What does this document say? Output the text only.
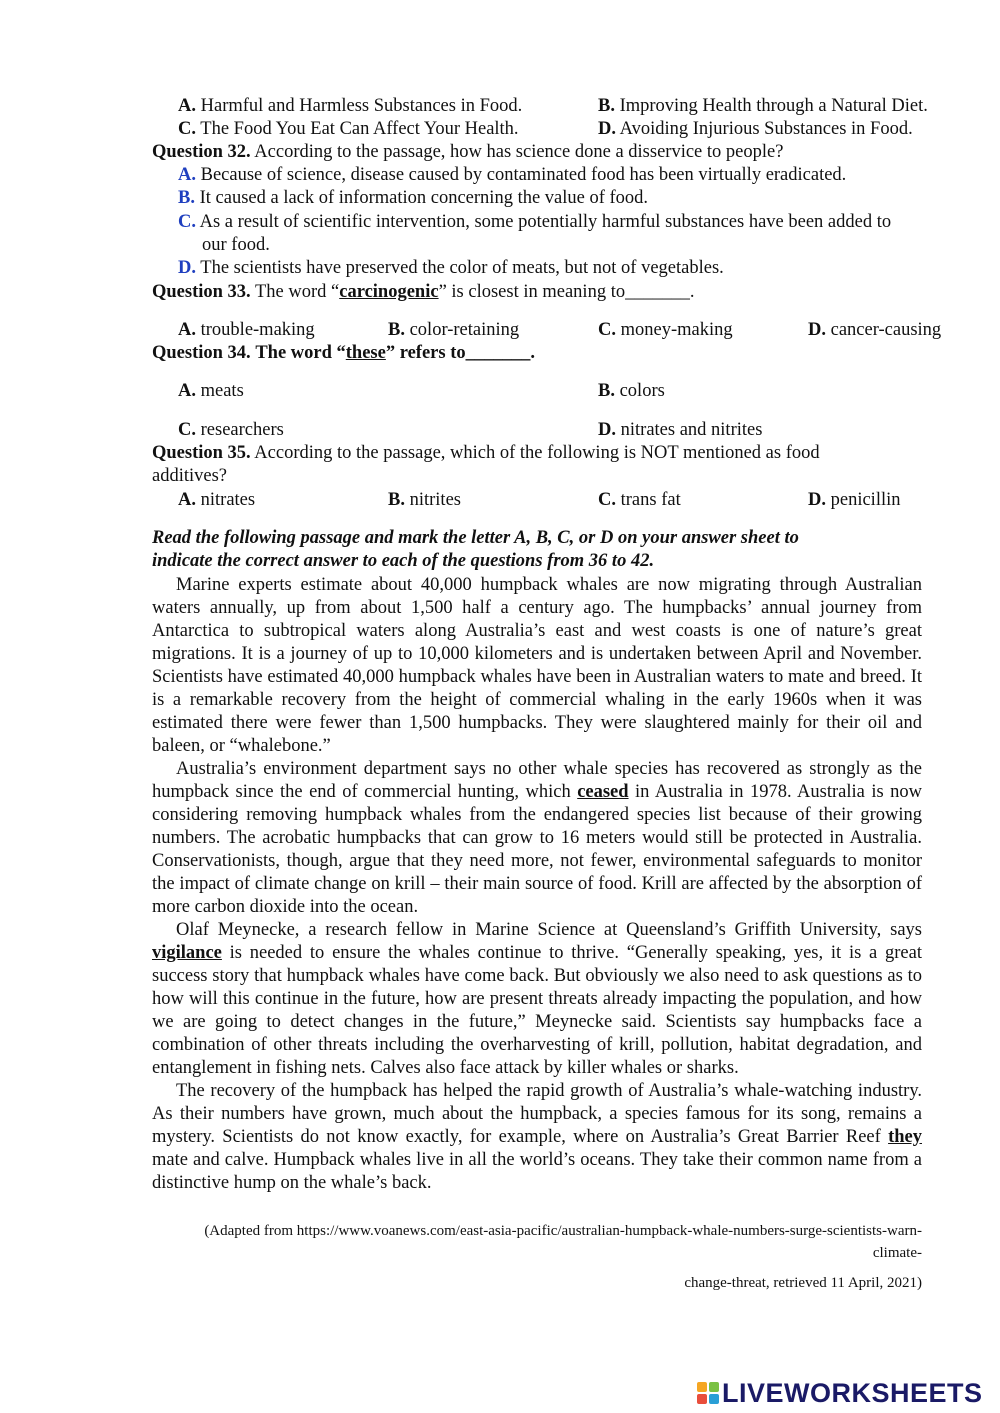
A. Harmful and Harmless Substances in Food.	B. Improving Health through a Natural Diet.
C. The Food You Eat Can Affect Your Health.	D. Avoiding Injurious Substances in Food.
Question 32. According to the passage, how has science done a disservice to people?
A. Because of science, disease caused by contaminated food has been virtually eradicated.
B. It caused a lack of information concerning the value of food.
C. As a result of scientific intervention, some potentially harmful substances have been added to
our food.
D. The scientists have preserved the color of meats, but not of vegetables.
Question 33. The word “carcinogenic” is closest in meaning to_______.
A. trouble-making	B. color-retaining	C. money-making	D. cancer-causing
Question 34. The word “these” refers to_______.
A. meats	B. colors
C. researchers	D. nitrates and nitrites
Question 35. According to the passage, which of the following is NOT mentioned as food
additives?
A. nitrates	B. nitrites	C. trans fat	D. penicillin
Read the following passage and mark the letter A, B, C, or D on your answer sheet to
indicate the correct answer to each of the questions from 36 to 42.

Marine experts estimate about 40,000 humpback whales are now migrating through Australian waters annually, up from about 1,500 half a century ago. The humpbacks’ annual journey from Antarctica to subtropical waters along Australia’s east and west coasts is one of nature’s great migrations. It is a journey of up to 10,000 kilometers and is undertaken between April and November. Scientists have estimated 40,000 humpback whales have been in Australian waters to mate and breed. It is a remarkable recovery from the height of commercial whaling in the early 1960s when it was estimated there were fewer than 1,500 humpbacks. They were slaughtered mainly for their oil and baleen, or “whalebone.”

Australia’s environment department says no other whale species has recovered as strongly as the humpback since the end of commercial hunting, which ceased in Australia in 1978. Australia is now considering removing humpback whales from the endangered species list because of their growing numbers. The acrobatic humpbacks that can grow to 16 meters would still be protected in Australia. Conservationists, though, argue that they need more, not fewer, environmental safeguards to monitor the impact of climate change on krill – their main source of food. Krill are affected by the absorption of more carbon dioxide into the ocean.

Olaf Meynecke, a research fellow in Marine Science at Queensland’s Griffith University, says vigilance is needed to ensure the whales continue to thrive. “Generally speaking, yes, it is a great success story that humpback whales have come back. But obviously we also need to ask questions as to how will this continue in the future, how are present threats already impacting the population, and how we are going to detect changes in the future,” Meynecke said. Scientists say humpbacks face a combination of other threats including the overharvesting of krill, pollution, habitat degradation, and entanglement in fishing nets. Calves also face attack by killer whales or sharks.

The recovery of the humpback has helped the rapid growth of Australia’s whale-watching industry. As their numbers have grown, much about the humpback, a species famous for its song, remains a mystery. Scientists do not know exactly, for example, where on Australia’s Great Barrier Reef they mate and calve. Humpback whales live in all the world’s oceans. They take their common name from a distinctive hump on the whale’s back.

(Adapted from https://www.voanews.com/east-asia-pacific/australian-humpback-whale-numbers-surge-scientists-warn-
climate-
change-threat, retrieved 11 April, 2021)
LIVEWORKSHEETS
